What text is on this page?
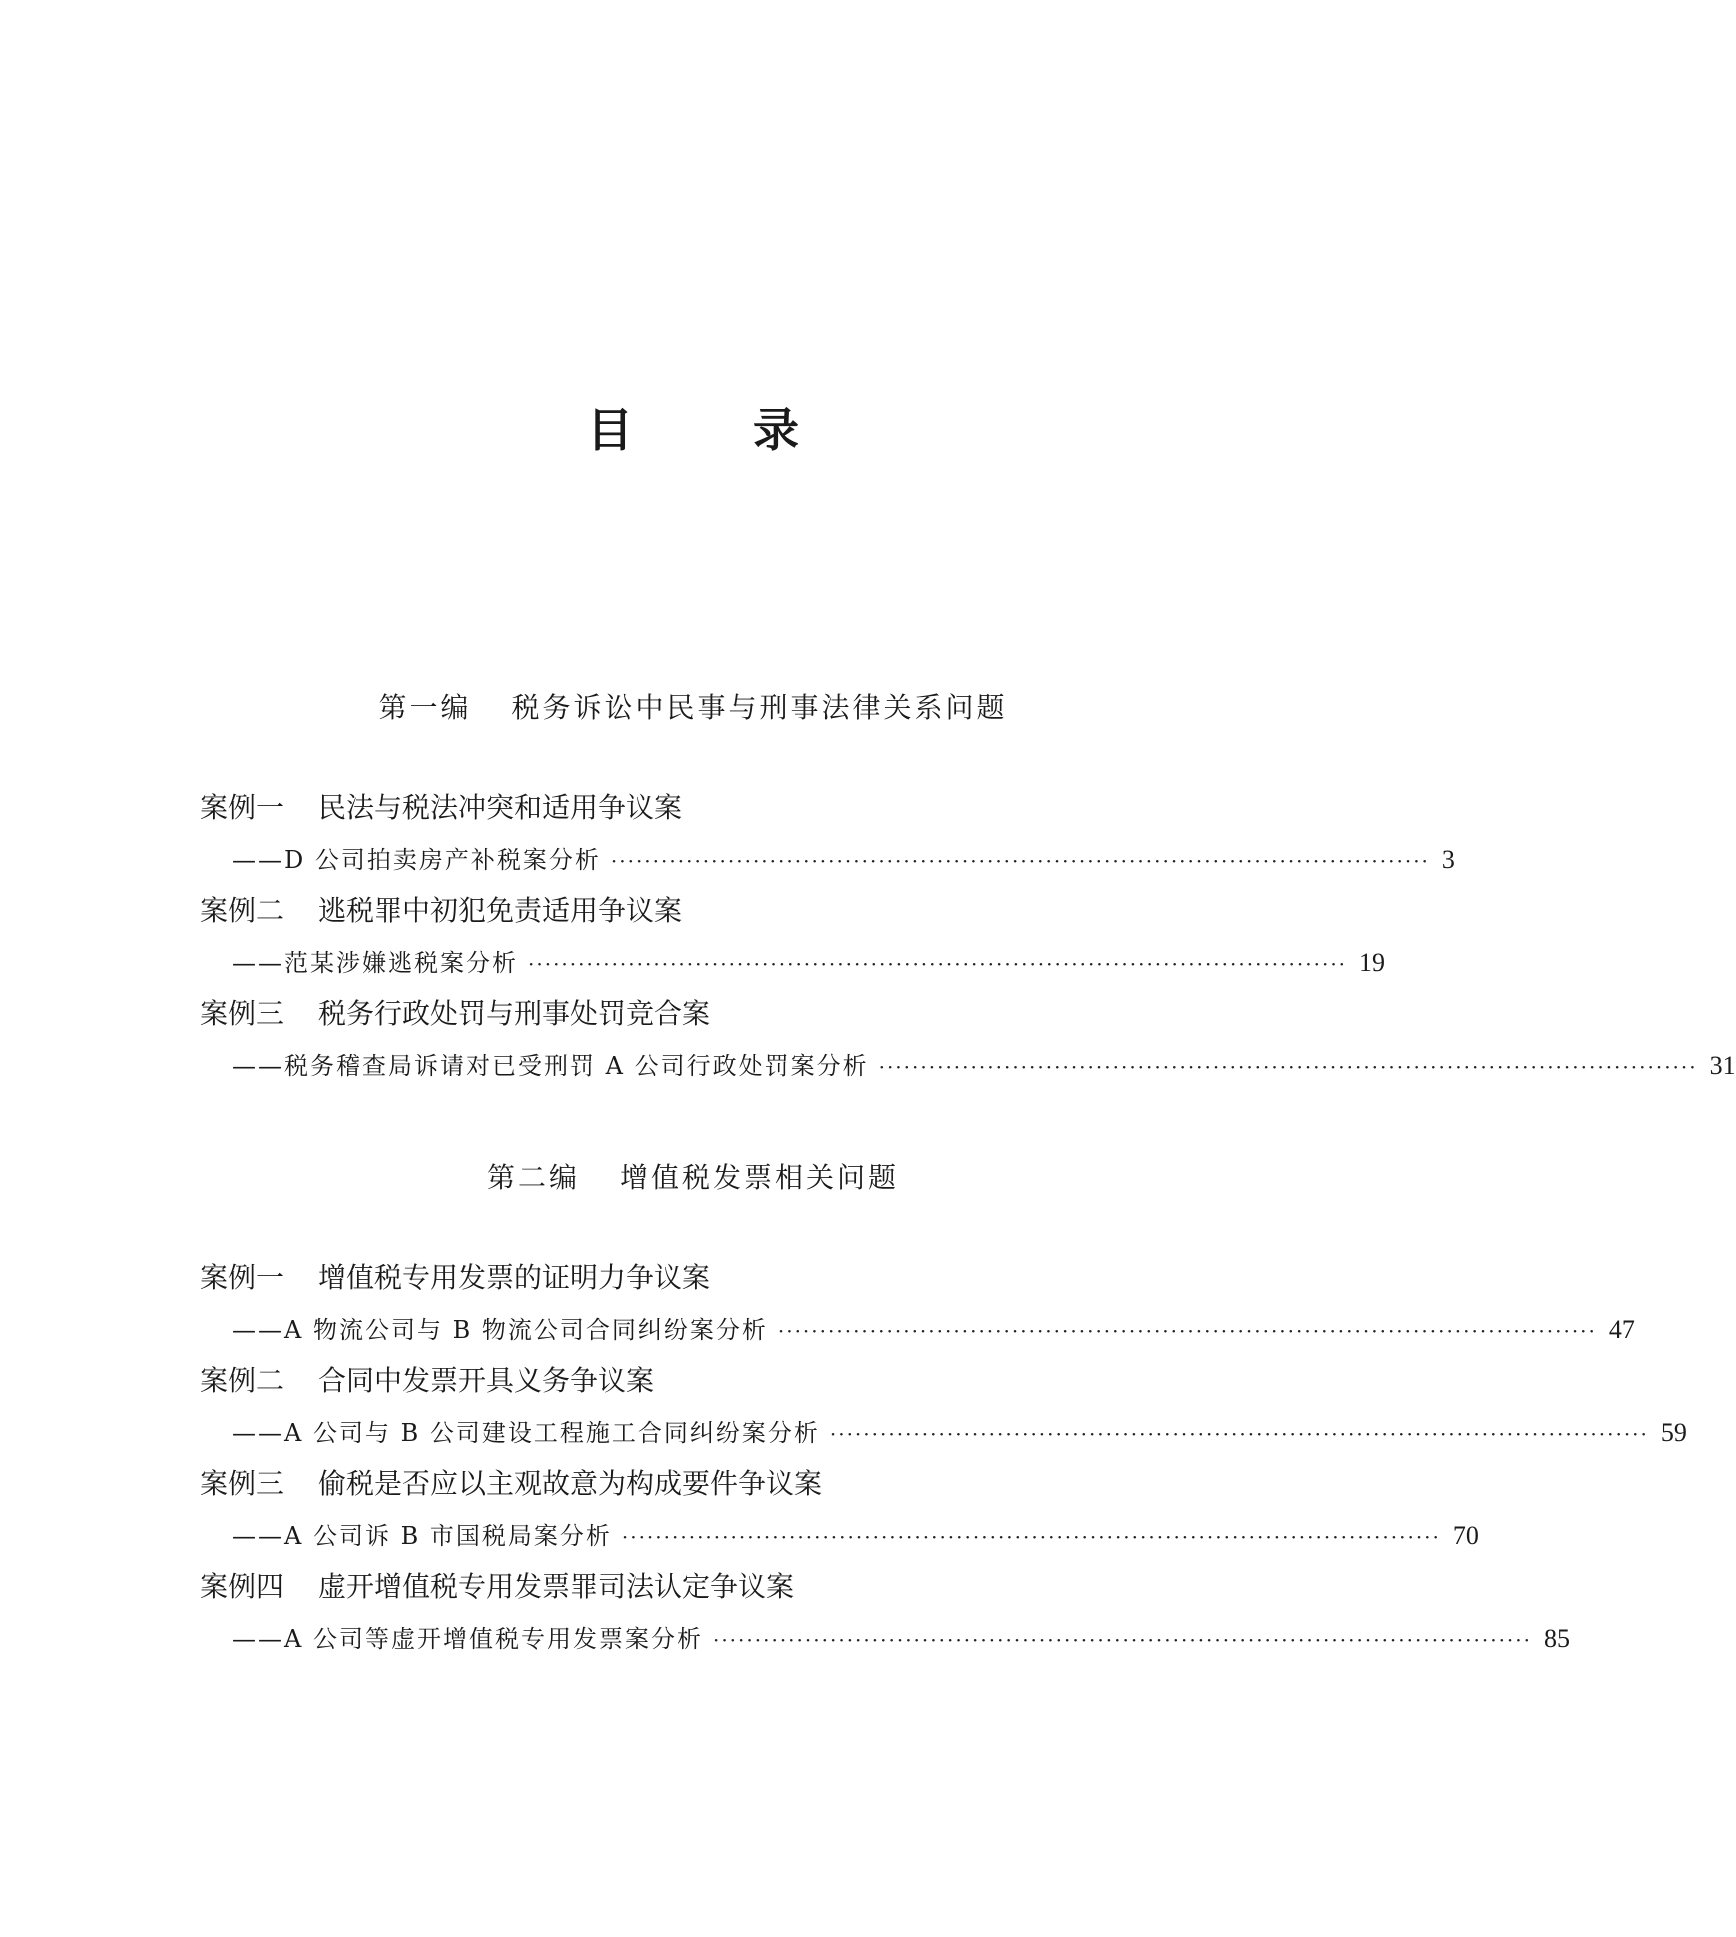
目 录
第一编 税务诉讼中民事与刑事法律关系问题
案例一 民法与税法冲突和适用争议案
——D 公司拍卖房产补税案分析 ·································································································· 3
案例二 逃税罪中初犯免责适用争议案
——范某涉嫌逃税案分析 ·································································································· 19
案例三 税务行政处罚与刑事处罚竞合案
——税务稽查局诉请对已受刑罚 A 公司行政处罚案分析 ·································································································· 31
第二编 增值税发票相关问题
案例一 增值税专用发票的证明力争议案
——A 物流公司与 B 物流公司合同纠纷案分析 ·································································································· 47
案例二 合同中发票开具义务争议案
——A 公司与 B 公司建设工程施工合同纠纷案分析 ·································································································· 59
案例三 偷税是否应以主观故意为构成要件争议案
——A 公司诉 B 市国税局案分析 ·································································································· 70
案例四 虚开增值税专用发票罪司法认定争议案
——A 公司等虚开增值税专用发票案分析 ·································································································· 85
